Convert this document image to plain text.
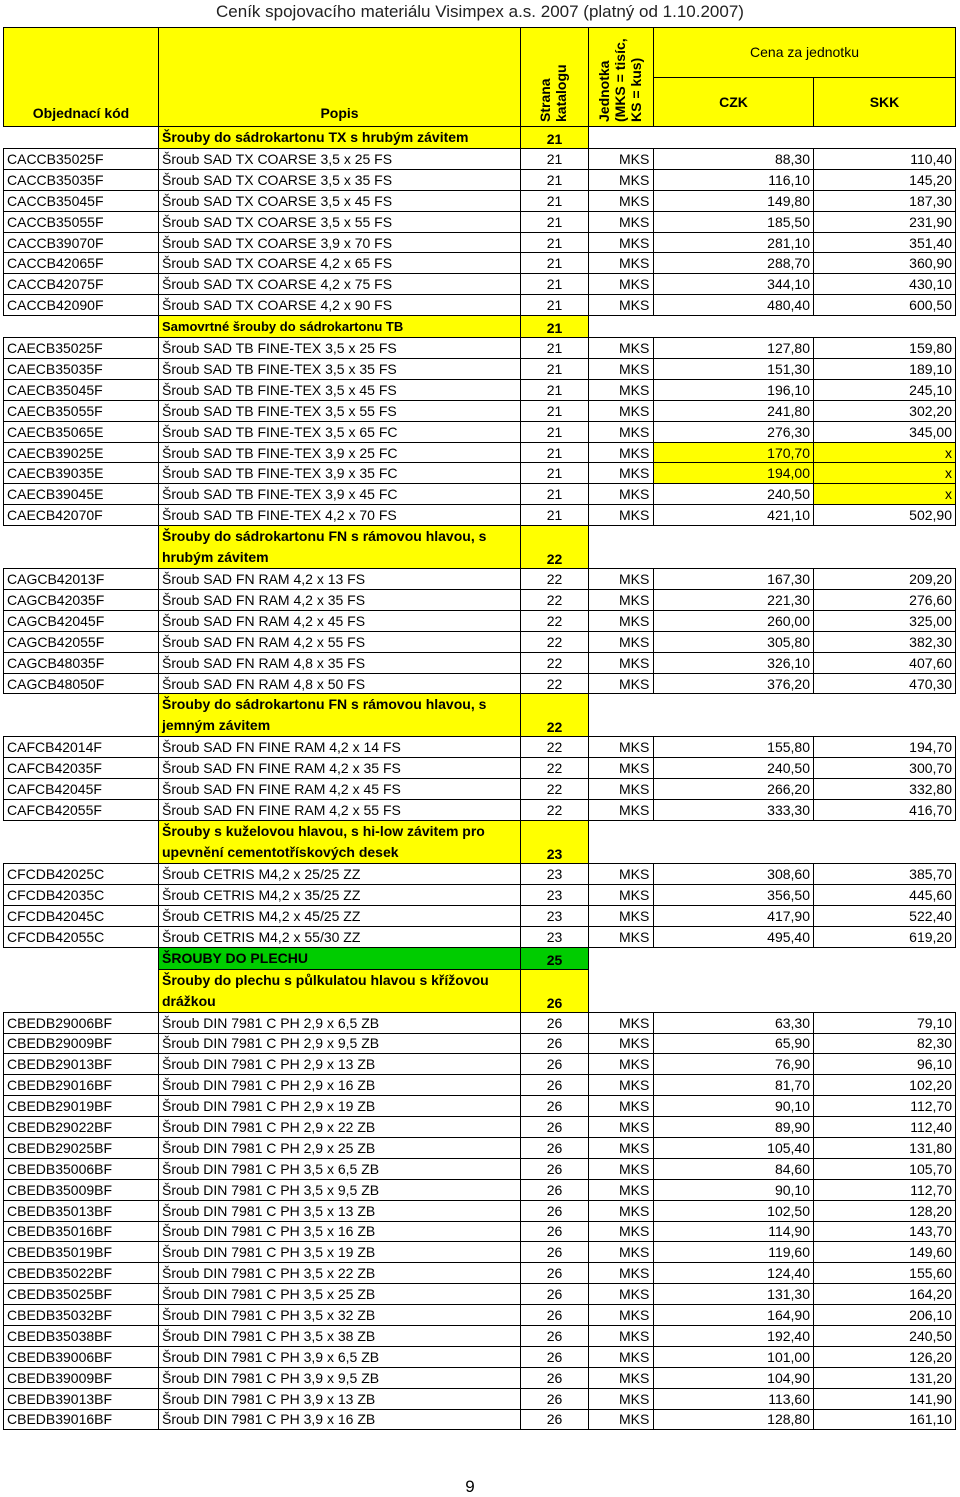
Ceník spojovacího materiálu Visimpex a.s. 2007 (platný od 1.10.2007)
Objednací kód	Popis	Strana katalogu	Jednotka (MKS = tisíc, KS = kus)	Cena za jednotku	
				CZK	SKK
	Šrouby do sádrokartonu TX s hrubým závitem	21			
CACCB35025F	Šroub SAD TX COARSE 3,5 x 25 FS	21	MKS	88,30	110,40
CACCB35035F	Šroub SAD TX COARSE 3,5 x 35 FS	21	MKS	116,10	145,20
CACCB35045F	Šroub SAD TX COARSE 3,5 x 45 FS	21	MKS	149,80	187,30
CACCB35055F	Šroub SAD TX COARSE 3,5 x 55 FS	21	MKS	185,50	231,90
CACCB39070F	Šroub SAD TX COARSE 3,9 x 70 FS	21	MKS	281,10	351,40
CACCB42065F	Šroub SAD TX COARSE 4,2 x 65 FS	21	MKS	288,70	360,90
CACCB42075F	Šroub SAD TX COARSE 4,2 x 75 FS	21	MKS	344,10	430,10
CACCB42090F	Šroub SAD TX COARSE 4,2 x 90 FS	21	MKS	480,40	600,50
	Samovrtné šrouby do sádrokartonu TB	21			
CAECB35025F	Šroub SAD TB FINE-TEX 3,5 x 25 FS	21	MKS	127,80	159,80
CAECB35035F	Šroub SAD TB FINE-TEX 3,5 x 35 FS	21	MKS	151,30	189,10
CAECB35045F	Šroub SAD TB FINE-TEX 3,5 x 45 FS	21	MKS	196,10	245,10
CAECB35055F	Šroub SAD TB FINE-TEX 3,5 x 55 FS	21	MKS	241,80	302,20
CAECB35065E	Šroub SAD TB FINE-TEX 3,5 x 65 FC	21	MKS	276,30	345,00
CAECB39025E	Šroub SAD TB FINE-TEX 3,9 x 25 FC	21	MKS	170,70	x
CAECB39035E	Šroub SAD TB FINE-TEX 3,9 x 35 FC	21	MKS	194,00	x
CAECB39045E	Šroub SAD TB FINE-TEX 3,9 x 45 FC	21	MKS	240,50	x
CAECB42070F	Šroub SAD TB FINE-TEX 4,2 x 70 FS	21	MKS	421,10	502,90
	Šrouby do sádrokartonu FN s rámovou hlavou, s hrubým závitem	22			
CAGCB42013F	Šroub SAD FN RAM 4,2 x 13 FS	22	MKS	167,30	209,20
CAGCB42035F	Šroub SAD FN RAM 4,2 x 35 FS	22	MKS	221,30	276,60
CAGCB42045F	Šroub SAD FN RAM 4,2 x 45 FS	22	MKS	260,00	325,00
CAGCB42055F	Šroub SAD FN RAM 4,2 x 55 FS	22	MKS	305,80	382,30
CAGCB48035F	Šroub SAD FN RAM 4,8 x 35 FS	22	MKS	326,10	407,60
CAGCB48050F	Šroub SAD FN RAM 4,8 x 50 FS	22	MKS	376,20	470,30
	Šrouby do sádrokartonu FN s rámovou hlavou, s jemným závitem	22			
CAFCB42014F	Šroub SAD FN FINE RAM 4,2 x 14 FS	22	MKS	155,80	194,70
CAFCB42035F	Šroub SAD FN FINE RAM 4,2 x 35 FS	22	MKS	240,50	300,70
CAFCB42045F	Šroub SAD FN FINE RAM 4,2 x 45 FS	22	MKS	266,20	332,80
CAFCB42055F	Šroub SAD FN FINE RAM 4,2 x 55 FS	22	MKS	333,30	416,70
	Šrouby s kuželovou hlavou, s hi-low závitem pro upevnění cementotřískových desek	23			
CFCDB42025C	Šroub CETRIS M4,2 x 25/25 ZZ	23	MKS	308,60	385,70
CFCDB42035C	Šroub CETRIS M4,2 x 35/25 ZZ	23	MKS	356,50	445,60
CFCDB42045C	Šroub CETRIS M4,2 x 45/25 ZZ	23	MKS	417,90	522,40
CFCDB42055C	Šroub CETRIS M4,2 x 55/30 ZZ	23	MKS	495,40	619,20
	ŠROUBY DO PLECHU	25			
	Šrouby do plechu s půlkulatou hlavou s křížovou drážkou	26			
CBEDB29006BF	Šroub DIN 7981 C PH 2,9 x 6,5 ZB	26	MKS	63,30	79,10
CBEDB29009BF	Šroub DIN 7981 C PH 2,9 x 9,5 ZB	26	MKS	65,90	82,30
CBEDB29013BF	Šroub DIN 7981 C PH 2,9 x 13 ZB	26	MKS	76,90	96,10
CBEDB29016BF	Šroub DIN 7981 C PH 2,9 x 16 ZB	26	MKS	81,70	102,20
CBEDB29019BF	Šroub DIN 7981 C PH 2,9 x 19 ZB	26	MKS	90,10	112,70
CBEDB29022BF	Šroub DIN 7981 C PH 2,9 x 22 ZB	26	MKS	89,90	112,40
CBEDB29025BF	Šroub DIN 7981 C PH 2,9 x 25 ZB	26	MKS	105,40	131,80
CBEDB35006BF	Šroub DIN 7981 C PH 3,5 x 6,5 ZB	26	MKS	84,60	105,70
CBEDB35009BF	Šroub DIN 7981 C PH 3,5 x 9,5 ZB	26	MKS	90,10	112,70
CBEDB35013BF	Šroub DIN 7981 C PH 3,5 x 13 ZB	26	MKS	102,50	128,20
CBEDB35016BF	Šroub DIN 7981 C PH 3,5 x 16 ZB	26	MKS	114,90	143,70
CBEDB35019BF	Šroub DIN 7981 C PH 3,5 x 19 ZB	26	MKS	119,60	149,60
CBEDB35022BF	Šroub DIN 7981 C PH 3,5 x 22 ZB	26	MKS	124,40	155,60
CBEDB35025BF	Šroub DIN 7981 C PH 3,5 x 25 ZB	26	MKS	131,30	164,20
CBEDB35032BF	Šroub DIN 7981 C PH 3,5 x 32 ZB	26	MKS	164,90	206,10
CBEDB35038BF	Šroub DIN 7981 C PH 3,5 x 38 ZB	26	MKS	192,40	240,50
CBEDB39006BF	Šroub DIN 7981 C PH 3,9 x 6,5 ZB	26	MKS	101,00	126,20
CBEDB39009BF	Šroub DIN 7981 C PH 3,9 x 9,5 ZB	26	MKS	104,90	131,20
CBEDB39013BF	Šroub DIN 7981 C PH 3,9 x 13 ZB	26	MKS	113,60	141,90
CBEDB39016BF	Šroub DIN 7981 C PH 3,9 x 16 ZB	26	MKS	128,80	161,10
9
